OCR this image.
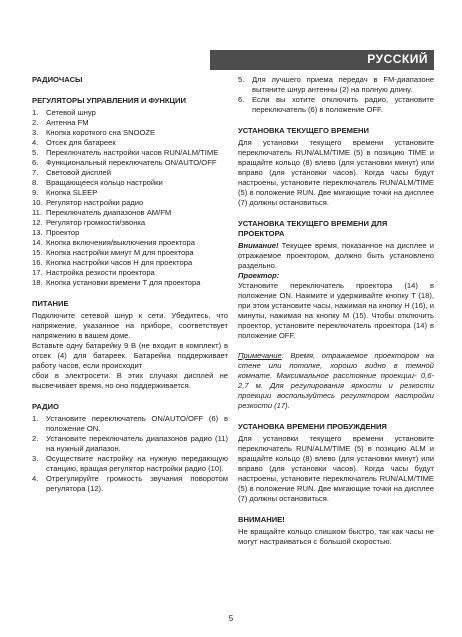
РУССКИЙ
РАДИОЧАСЫ
РЕГУЛЯТОРЫ УПРАВЛЕНИЯ И ФУНКЦИИ
1.	Сетевой шнур
2.	Антенна FM
3.	Кнопка короткого сна SNOOZE
4.	Отсек для батареек
5.	Переключатель настройки часов RUN/ALM/TIME
6.	Функциональный переключатель ON/AUTO/OFF
7.	Световой дисплей
8.	Вращающееся кольцо настройки
9.	Кнопка SLEEP
10. Регулятор настройки радио
11. Переключатель диапазонов AM/FM
12. Регулятор громкости/звонка
13. Проектор
14. Кнопка включения/выключения проектора
15. Кнопка настройки минут M для проектора
16. Кнопка настройки часов H для проектора
17. Настройка резкости проектора
18. Кнопка установки времени T для проектора
ПИТАНИЕ

Подключите сетевой шнур к сети. Убедитесь, что напряжение, указанное на приборе, соответствует напряжению в вашем доме.

Вставьте одну батарейку 9 В (не входит в комплект) в отсек (4) для батареек. Батарейка поддерживает работу часов, если происходит

сбои в электросети. В этих случаях дисплей не высвечивает время, но оно поддерживается.

РАДИО
1.	Установите переключатель ON/AUTO/OFF (6) в положение ON.
2.	Установите переключатель диапазонов радио (11) на нужный диапазон.
3.	Осуществите настройку на нужную передающую станцию, вращая регулятор настройки радио (10).
4.	Отрегулируйте громкость звучания поворотом регулятора (12).
5.	Для лучшего приема передач в FM-диапазоне вытяните шнур антенны (2) на полную длину.
6.	Если вы хотите отключить радио, установите переключатель (6) в положение OFF.
УСТАНОВКА ТЕКУЩЕГО ВРЕМЕНИ

Для установки текущего времени установите переключатель RUN/ALM/TIME (5) в позицию TIME и вращайте кольцо (8) влево (для установки минут) или вправо (для установки часов). Когда часы будут настроены, установите переключатель RUN/ALM/TIME (5) в положение RUN. Две мигающие точки на дисплее (7) должны остановиться.

УСТАНОВКА ТЕКУЩЕГО ВРЕМЕНИ ДЛЯ ПРОЕКТОРА

Внимание! Текущее время, показанное на дисплее и отражаемое проектором, должно быть установлено раздельно.

Проектор:

Установите переключатель проектора (14) в положение ON. Нажмите и удерживайте кнопку T (18), при этом установите часы, нажимая на кнопку H (16), и минуты, нажимая на кнопку M (15). Чтобы отключить проектор, установите переключатель проектора (14) в положение OFF.

Примечание: Время, отражаемое проектором на стене или потолке, хорошо видно в темной комнате. Максимальное расстояние проекции- 0,6-2,7 м. Для регулирования яркости и резкости проекции воспользуйтесь регулятором настройки резкости (17).

УСТАНОВКА ВРЕМЕНИ ПРОБУЖДЕНИЯ

Для установки текущего времени установите переключатель RUN/ALM/TIME (5) в позицию ALM и вращайте кольцо (8) влево (для установки минут) или вправо (для установки часов). Когда часы будут настроены, установите переключатель RUN/ALM/TIME (5) в положение RUN. Две мигающие точки на дисплее (7) должны остановиться.

ВНИМАНИЕ!

Не вращайте кольцо слишком быстро, так как часы не могут настраиваться с большой скоростью.

5
